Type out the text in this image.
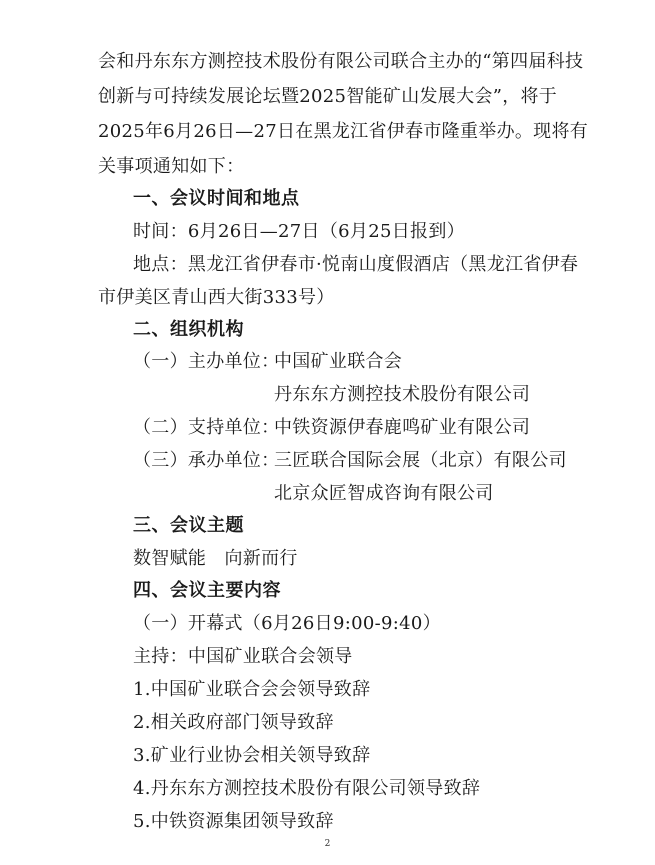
会和丹东东方测控技术股份有限公司联合主办的“第四届科技
创新与可持续发展论坛暨2025智能矿山发展大会”，将于
2025年6月26日—27日在黑龙江省伊春市隆重举办。现将有
关事项通知如下：
一、会议时间和地点
时间：6月26日—27日（6月25日报到）
地点：黑龙江省伊春市·悦南山度假酒店（黑龙江省伊春
市伊美区青山西大街333号）
二、组织机构
（一）主办单位：
中国矿业联合会
丹东东方测控技术股份有限公司
（二）支持单位：
中铁资源伊春鹿鸣矿业有限公司
（三）承办单位：
三匠联合国际会展（北京）有限公司
北京众匠智成咨询有限公司
三、会议主题
数智赋能　向新而行
四、会议主要内容
（一）开幕式（6月26日9:00-9:40）
主持：中国矿业联合会领导
1.中国矿业联合会会领导致辞
2.相关政府部门领导致辞
3.矿业行业协会相关领导致辞
4.丹东东方测控技术股份有限公司领导致辞
2
5.中铁资源集团领导致辞
